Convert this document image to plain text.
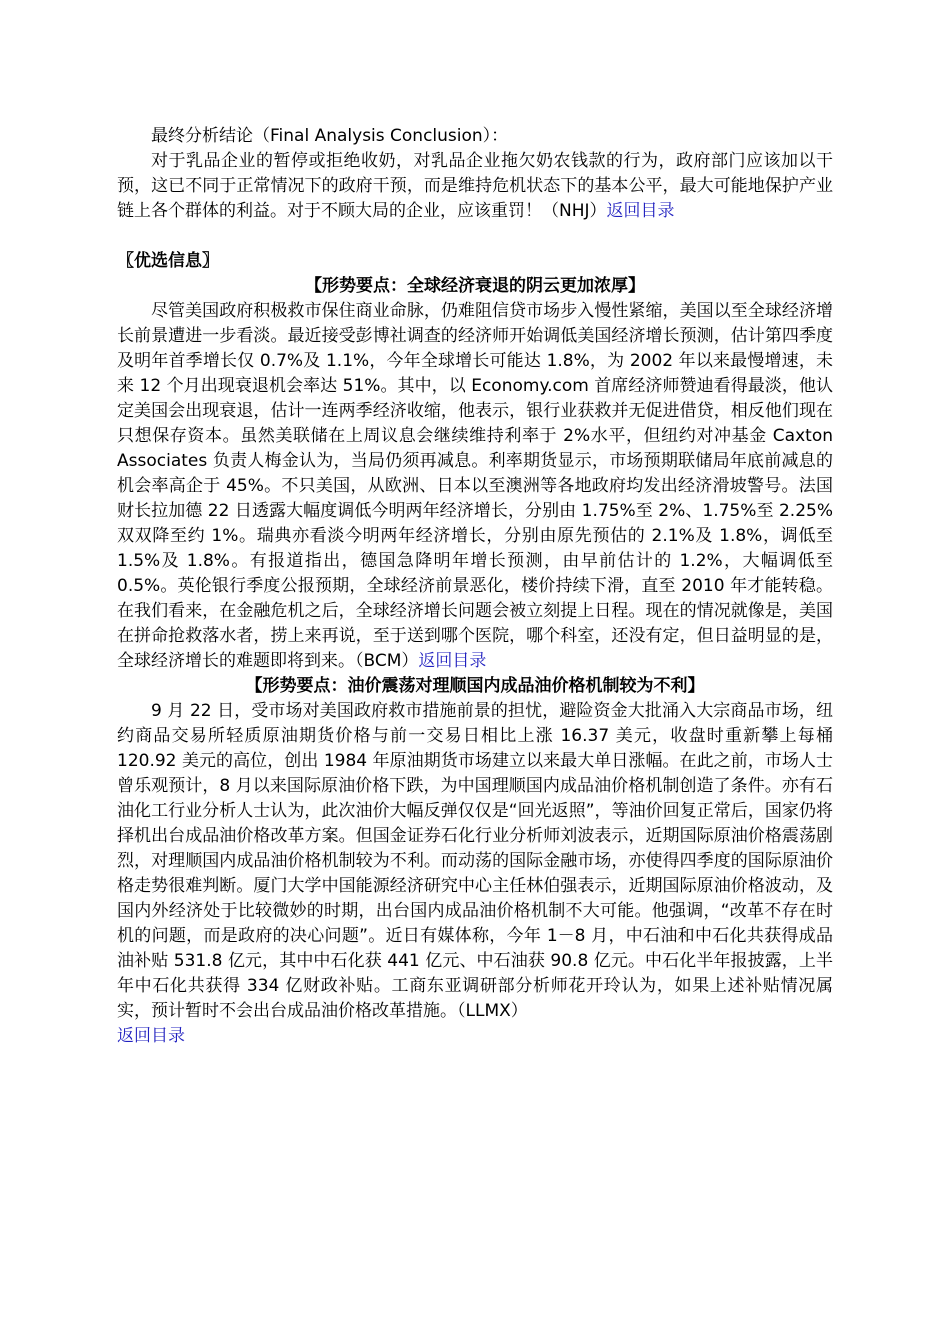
最终分析结论（Final Analysis Conclusion）：

对于乳品企业的暂停或拒绝收奶，对乳品企业拖欠奶农钱款的行为，政府部门应该加以干预，这已不同于正常情况下的政府干预，而是维持危机状态下的基本公平，最大可能地保护产业链上各个群体的利益。对于不顾大局的企业，应该重罚！（NHJ）返回目录

〖优选信息〗

【形势要点：全球经济衰退的阴云更加浓厚】

尽管美国政府积极救市保住商业命脉，仍难阻信贷市场步入慢性紧缩，美国以至全球经济增长前景遭进一步看淡。最近接受彭博社调查的经济师开始调低美国经济增长预测，估计第四季度及明年首季增长仅 0.7%及 1.1%，今年全球增长可能达 1.8%，为 2002 年以来最慢增速，未来 12 个月出现衰退机会率达 51%。其中，以 Economy.com 首席经济师赞迪看得最淡，他认定美国会出现衰退，估计一连两季经济收缩，他表示，银行业获救并无促进借贷，相反他们现在只想保存资本。虽然美联储在上周议息会继续维持利率于 2%水平，但纽约对冲基金 Caxton Associates 负责人梅金认为，当局仍须再减息。利率期货显示，市场预期联储局年底前减息的机会率高企于 45%。不只美国，从欧洲、日本以至澳洲等各地政府均发出经济滑坡警号。法国财长拉加德 22 日透露大幅度调低今明两年经济增长，分别由 1.75%至 2%、1.75%至 2.25%双双降至约 1%。瑞典亦看淡今明两年经济增长，分别由原先预估的 2.1%及 1.8%，调低至 1.5%及 1.8%。有报道指出，德国急降明年增长预测，由早前估计的 1.2%，大幅调低至 0.5%。英伦银行季度公报预期，全球经济前景恶化，楼价持续下滑，直至 2010 年才能转稳。在我们看来，在金融危机之后，全球经济增长问题会被立刻提上日程。现在的情况就像是，美国在拼命抢救落水者，捞上来再说，至于送到哪个医院，哪个科室，还没有定，但日益明显的是，全球经济增长的难题即将到来。（BCM）返回目录

【形势要点：油价震荡对理顺国内成品油价格机制较为不利】

9 月 22 日，受市场对美国政府救市措施前景的担忧，避险资金大批涌入大宗商品市场，纽约商品交易所轻质原油期货价格与前一交易日相比上涨 16.37 美元，收盘时重新攀上每桶 120.92 美元的高位，创出 1984 年原油期货市场建立以来最大单日涨幅。在此之前，市场人士曾乐观预计，8 月以来国际原油价格下跌，为中国理顺国内成品油价格机制创造了条件。亦有石油化工行业分析人士认为，此次油价大幅反弹仅仅是“回光返照”，等油价回复正常后，国家仍将择机出台成品油价格改革方案。但国金证券石化行业分析师刘波表示，近期国际原油价格震荡剧烈，对理顺国内成品油价格机制较为不利。而动荡的国际金融市场，亦使得四季度的国际原油价格走势很难判断。厦门大学中国能源经济研究中心主任林伯强表示，近期国际原油价格波动，及国内外经济处于比较微妙的时期，出台国内成品油价格机制不大可能。他强调，“改革不存在时机的问题，而是政府的决心问题”。近日有媒体称，今年 1－8 月，中石油和中石化共获得成品油补贴 531.8 亿元，其中中石化获 441 亿元、中石油获 90.8 亿元。中石化半年报披露，上半年中石化共获得 334 亿财政补贴。工商东亚调研部分析师花开玲认为，如果上述补贴情况属实，预计暂时不会出台成品油价格改革措施。（LLMX）

返回目录
